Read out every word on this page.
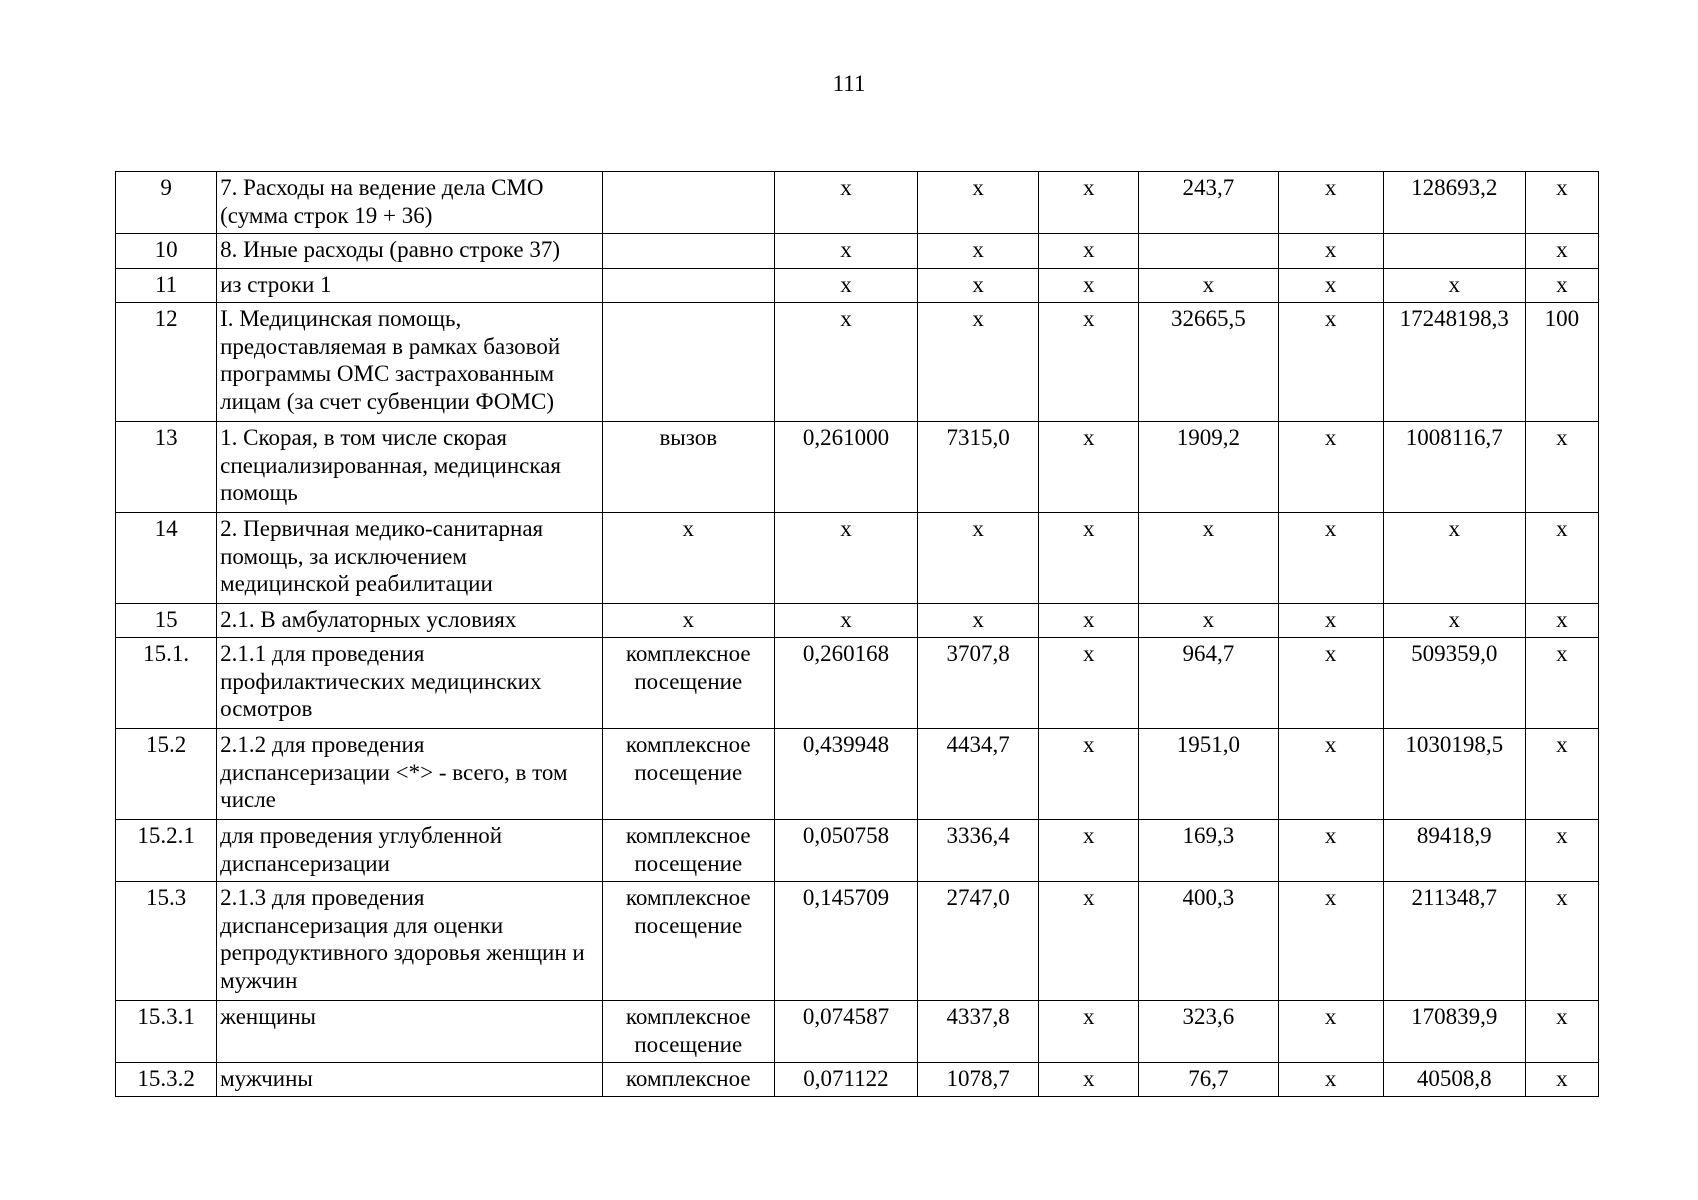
111
9	7. Расходы на ведение дела СМО (сумма строк 19 + 36)		х	х	х	243,7	х	128693,2	х
10	8. Иные расходы (равно строке 37)		х	х	х		х		х
11	из строки 1		х	х	х	х	х	х	х
12	I. Медицинская помощь, предоставляемая в рамках базовой программы ОМС застрахованным лицам (за счет субвенции ФОМС)		х	х	х	32665,5	х	17248198,3	100
13	1. Скорая, в том числе скорая специализированная, медицинская помощь	вызов	0,261000	7315,0	х	1909,2	х	1008116,7	х
14	2. Первичная медико-санитарная помощь, за исключением медицинской реабилитации	х	х	х	х	х	х	х	х
15	2.1. В амбулаторных условиях	х	х	х	х	х	х	х	х
15.1.	2.1.1 для проведения профилактических медицинских осмотров	комплексное посещение	0,260168	3707,8	х	964,7	х	509359,0	х
15.2	2.1.2 для проведения диспансеризации <*> - всего, в том числе	комплексное посещение	0,439948	4434,7	х	1951,0	х	1030198,5	х
15.2.1	для проведения углубленной диспансеризации	комплексное посещение	0,050758	3336,4	х	169,3	х	89418,9	х
15.3	2.1.3 для проведения диспансеризация для оценки репродуктивного здоровья женщин и мужчин	комплексное посещение	0,145709	2747,0	х	400,3	х	211348,7	х
15.3.1	женщины	комплексное посещение	0,074587	4337,8	х	323,6	х	170839,9	х
15.3.2	мужчины	комплексное	0,071122	1078,7	х	76,7	х	40508,8	х
